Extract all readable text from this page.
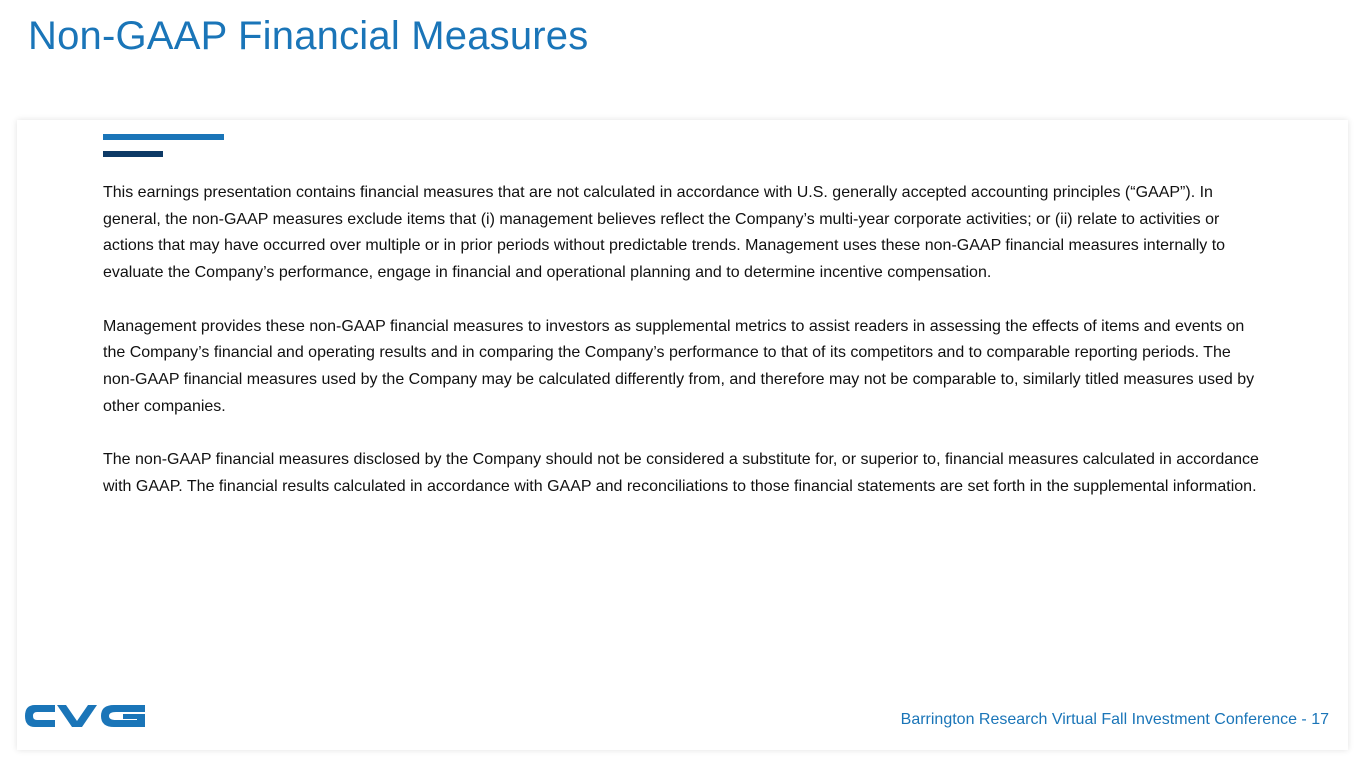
Non-GAAP Financial Measures

This earnings presentation contains financial measures that are not calculated in accordance with U.S. generally accepted accounting principles (“GAAP”). In general, the non-GAAP measures exclude items that (i) management believes reflect the Company’s multi-year corporate activities; or (ii) relate to activities or actions that may have occurred over multiple or in prior periods without predictable trends. Management uses these non-GAAP financial measures internally to evaluate the Company’s performance, engage in financial and operational planning and to determine incentive compensation.

Management provides these non-GAAP financial measures to investors as supplemental metrics to assist readers in assessing the effects of items and events on the Company’s financial and operating results and in comparing the Company’s performance to that of its competitors and to comparable reporting periods. The non-GAAP financial measures used by the Company may be calculated differently from, and therefore may not be comparable to, similarly titled measures used by other companies.

The non-GAAP financial measures disclosed by the Company should not be considered a substitute for, or superior to, financial measures calculated in accordance with GAAP. The financial results calculated in accordance with GAAP and reconciliations to those financial statements are set forth in the supplemental information.

Barrington Research Virtual Fall Investment Conference - 17
